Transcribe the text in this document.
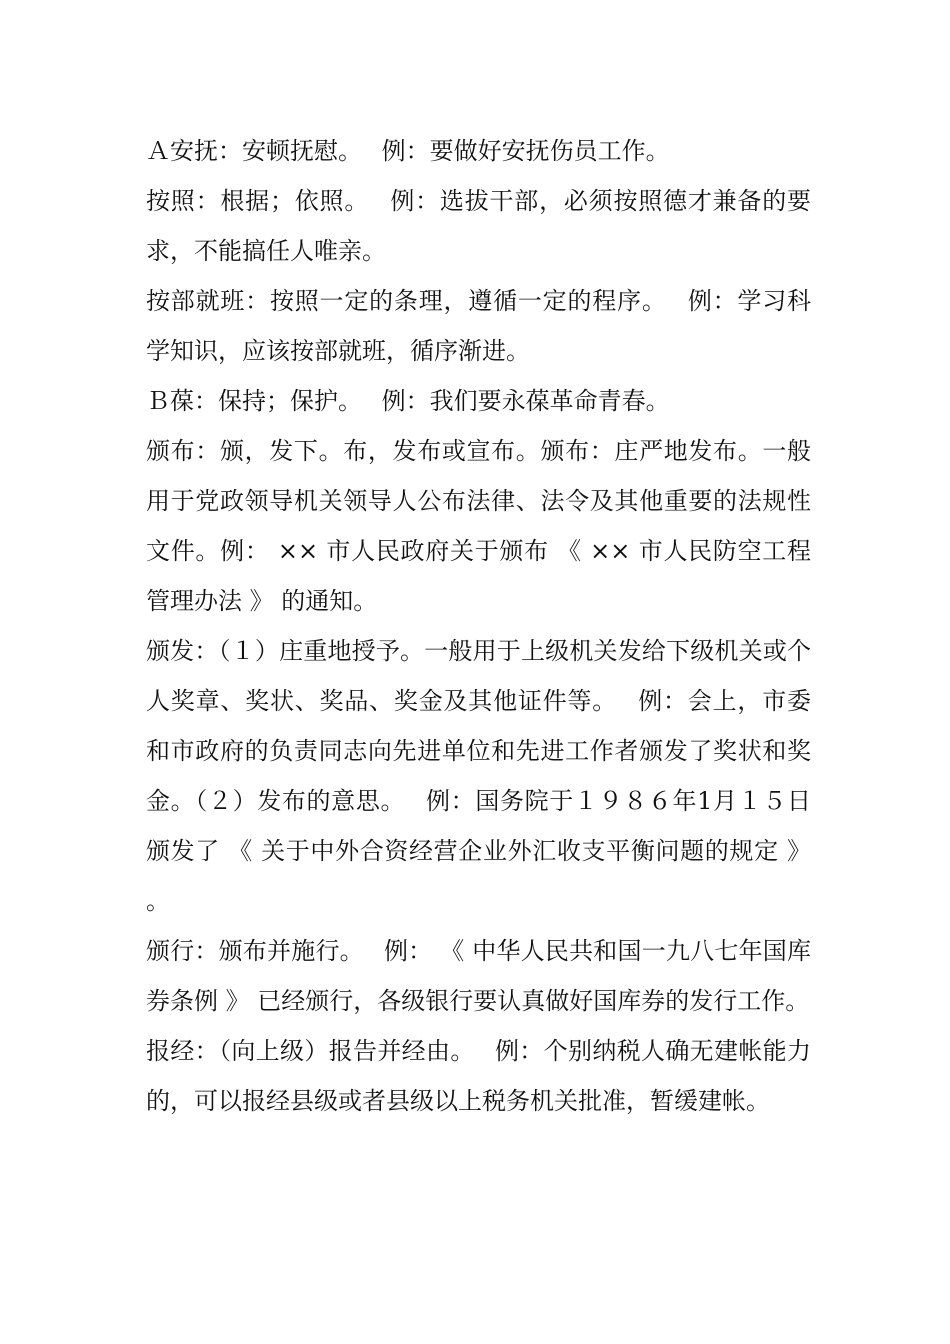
Ａ安抚：安顿抚慰。　 例：要做好安抚伤员工作。

按照：根据；依照。　 例：选拔干部，必须按照德才兼备的要求，不能搞任人唯亲。

按部就班：按照一定的条理，遵循一定的程序。　 例：学习科学知识，应该按部就班，循序渐进。

Ｂ葆：保持；保护。　 例：我们要永葆革命青春。

颁布：颁，发下。布，发布或宣布。颁布：庄严地发布。一般用于党政领导机关领导人公布法律、法令及其他重要的法规性文件。例： ×× 市人民政府关于颁布 《 ×× 市人民防空工程管理办法 》 的通知。

颁发：（１）庄重地授予。一般用于上级机关发给下级机关或个人奖章、奖状、奖品、奖金及其他证件等。　 例：会上，市委和市政府的负责同志向先进单位和先进工作者颁发了奖状和奖金。（２）发布的意思。　 例：国务院于１９８６年1月１５日颁发了 《 关于中外合资经营企业外汇收支平衡问题的规定 》 。

颁行：颁布并施行。　 例： 《 中华人民共和国一九八七年国库券条例 》 已经颁行，各级银行要认真做好国库券的发行工作。

报经：（向上级）报告并经由。　 例：个别纳税人确无建帐能力的，可以报经县级或者县级以上税务机关批准，暂缓建帐。
